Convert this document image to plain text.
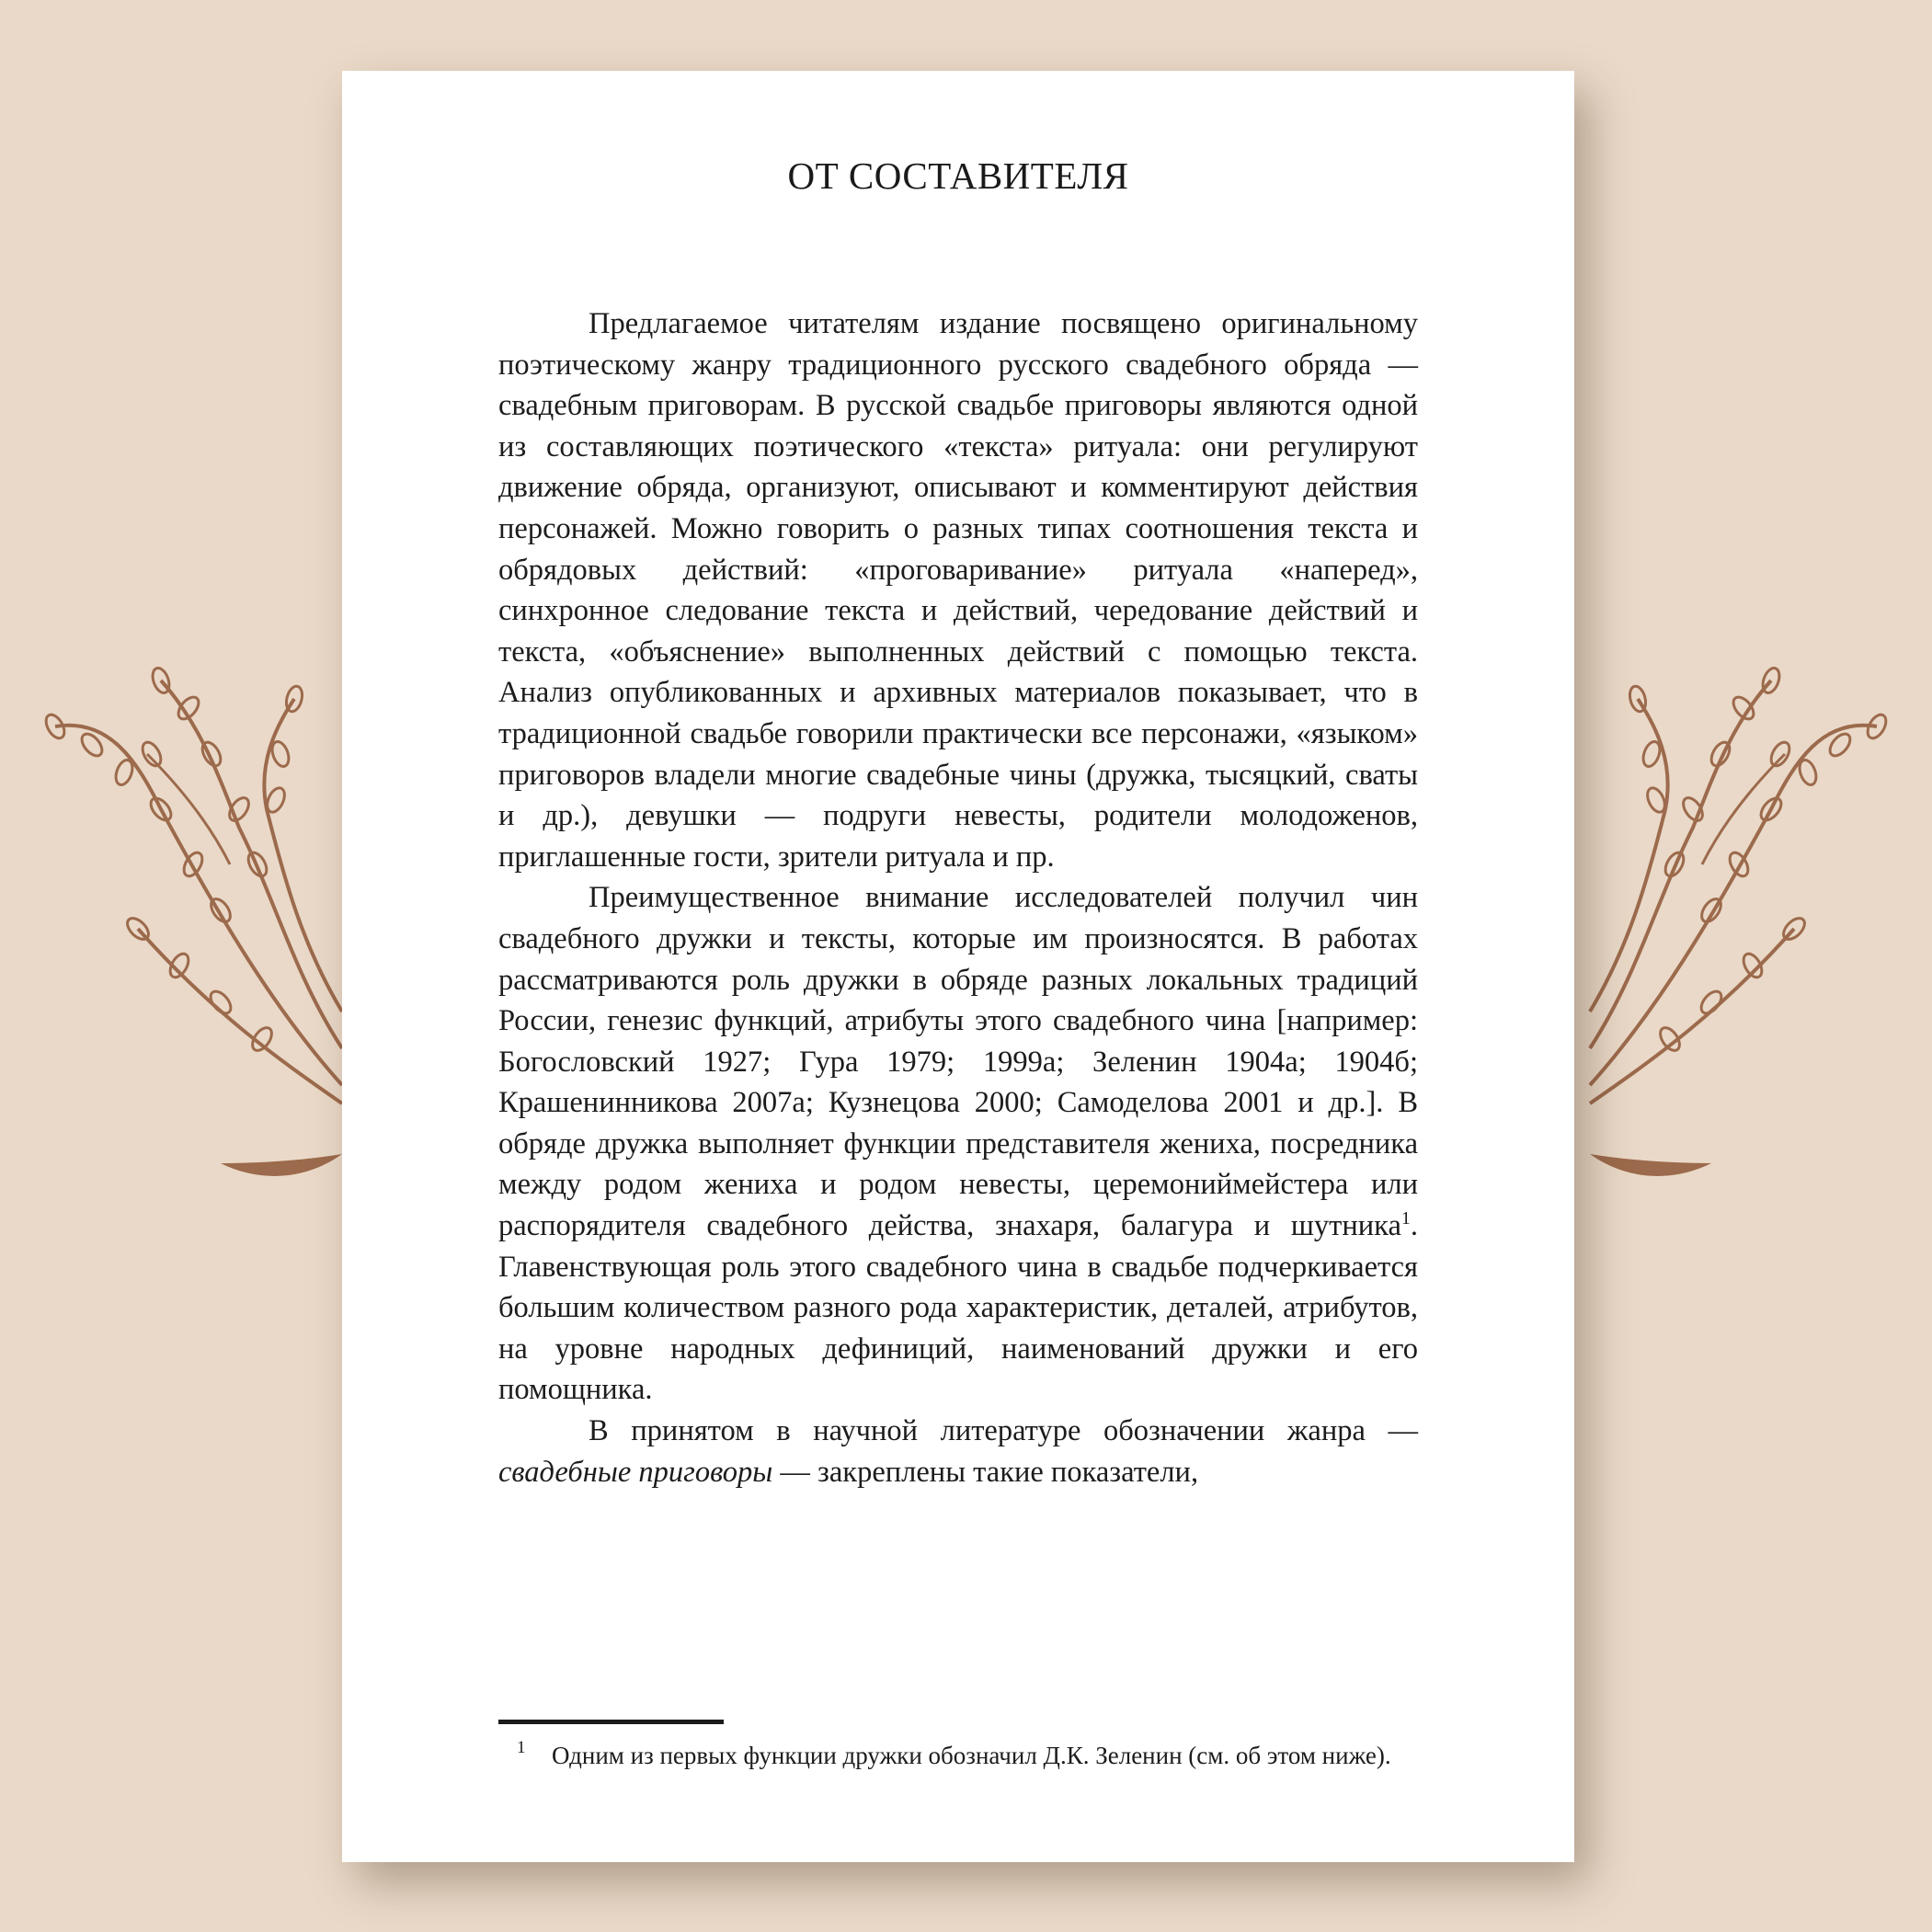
ОТ СОСТАВИТЕЛЯ

Предлагаемое читателям издание посвящено оригинальному поэтическому жанру традиционного русского свадебного обряда — свадебным приговорам. В русской свадьбе приговоры являются одной из составляющих поэтического «текста» ритуала: они регулируют движение обряда, организуют, описывают и комментируют действия персонажей. Можно говорить о разных типах соотношения текста и обрядовых действий: «проговаривание» ритуала «наперед», синхронное следование текста и действий, чередование действий и текста, «объяснение» выполненных действий с помощью текста. Анализ опубликованных и архивных материалов показывает, что в традиционной свадьбе говорили практически все персонажи, «языком» приговоров владели многие свадебные чины (дружка, тысяцкий, сваты и др.), девушки — подруги невесты, родители молодоженов, приглашенные гости, зрители ритуала и пр.

Преимущественное внимание исследователей получил чин свадебного дружки и тексты, которые им произносятся. В работах рассматриваются роль дружки в обряде разных локальных традиций России, генезис функций, атрибуты этого свадебного чина [например: Богословский 1927; Гура 1979; 1999а; Зеленин 1904а; 1904б; Крашенинникова 2007а; Кузнецова 2000; Самоделова 2001 и др.]. В обряде дружка выполняет функции представителя жениха, посредника между родом жениха и родом невесты, церемониймейстера или распорядителя свадебного действа, знахаря, балагура и шутника$^1$. Главенствующая роль этого свадебного чина в свадьбе подчеркивается большим количеством разного рода характеристик, деталей, атрибутов, на уровне народных дефиниций, наименований дружки и его помощника.

В принятом в научной литературе обозначении жанра — свадебные приговоры — закреплены такие показатели,

1	Одним из первых функции дружки обозначил Д.К. Зеленин (см. об этом ниже).
